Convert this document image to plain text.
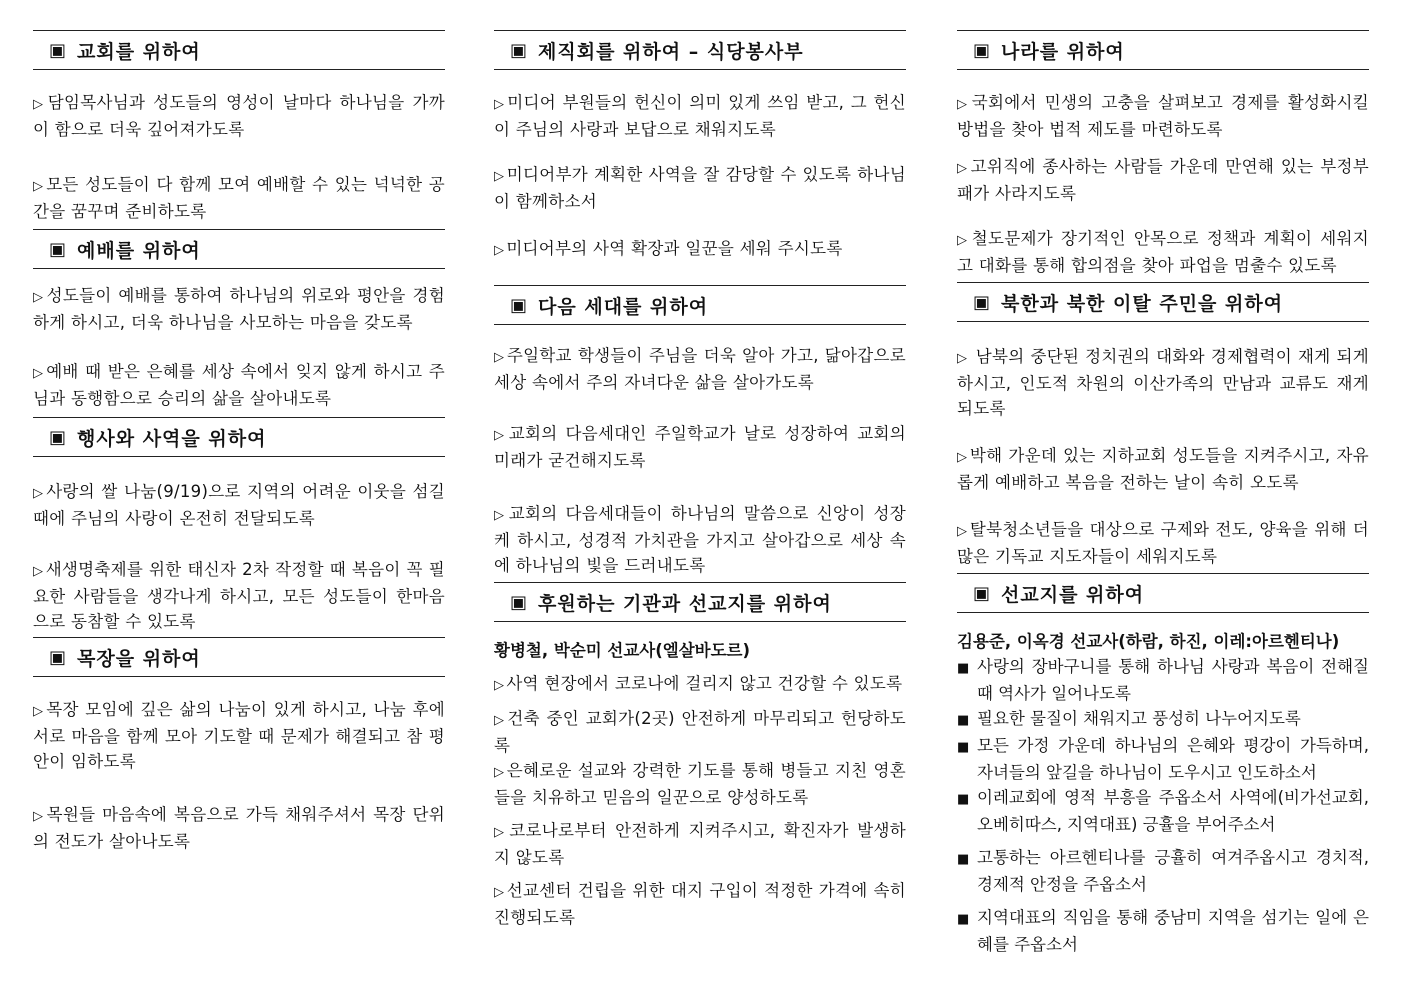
▣ 교회를 위하여

▷ 담임목사님과 성도들의 영성이 날마다 하나님을 가까이 함으로 더욱 깊어져가도록

▷ 모든 성도들이 다 함께 모여 예배할 수 있는 넉넉한 공간을 꿈꾸며 준비하도록

▣ 예배를 위하여

▷ 성도들이 예배를 통하여 하나님의 위로와 평안을 경험하게 하시고, 더욱 하나님을 사모하는 마음을 갖도록

▷ 예배 때 받은 은혜를 세상 속에서 잊지 않게 하시고 주님과 동행함으로 승리의 삶을 살아내도록

▣ 행사와 사역을 위하여

▷ 사랑의 쌀 나눔(9/19)으로 지역의 어려운 이웃을 섬길 때에 주님의 사랑이 온전히 전달되도록

▷ 새생명축제를 위한 태신자 2차 작정할 때 복음이 꼭 필요한 사람들을 생각나게 하시고, 모든 성도들이 한마음으로 동참할 수 있도록

▣ 목장을 위하여

▷ 목장 모임에 깊은 삶의 나눔이 있게 하시고, 나눔 후에 서로 마음을 함께 모아 기도할 때 문제가 해결되고 참 평안이 임하도록

▷ 목원들 마음속에 복음으로 가득 채워주셔서 목장 단위의 전도가 살아나도록

▣ 제직회를 위하여 – 식당봉사부

▷ 미디어 부원들의 헌신이 의미 있게 쓰임 받고, 그 헌신이 주님의 사랑과 보답으로 채워지도록

▷ 미디어부가 계획한 사역을 잘 감당할 수 있도록 하나님이 함께하소서

▷ 미디어부의 사역 확장과 일꾼을 세워 주시도록

▣ 다음 세대를 위하여

▷ 주일학교 학생들이 주님을 더욱 알아 가고, 닮아갑으로 세상 속에서 주의 자녀다운 삶을 살아가도록

▷ 교회의 다음세대인 주일학교가 날로 성장하여 교회의 미래가 굳건해지도록

▷ 교회의 다음세대들이 하나님의 말씀으로 신앙이 성장케 하시고, 성경적 가치관을 가지고 살아갑으로 세상 속에 하나님의 빛을 드러내도록

▣ 후원하는 기관과 선교지를 위하여

황병철, 박순미 선교사(엘살바도르)

▷ 사역 현장에서 코로나에 걸리지 않고 건강할 수 있도록

▷ 건축 중인 교회가(2곳) 안전하게 마무리되고 헌당하도록

▷ 은혜로운 설교와 강력한 기도를 통해 병들고 지친 영혼들을 치유하고 믿음의 일꾼으로 양성하도록

▷ 코로나로부터 안전하게 지켜주시고, 확진자가 발생하지 않도록

▷ 선교센터 건립을 위한 대지 구입이 적정한 가격에 속히 진행되도록

▣ 나라를 위하여

▷ 국회에서 민생의 고충을 살펴보고 경제를 활성화시킬 방법을 찾아 법적 제도를 마련하도록

▷ 고위직에 종사하는 사람들 가운데 만연해 있는 부정부패가 사라지도록

▷ 철도문제가 장기적인 안목으로 정책과 계획이 세워지고 대화를 통해 합의점을 찾아 파업을 멈출수 있도록

▣ 북한과 북한 이탈 주민을 위하여

▷ 남북의 중단된 정치권의 대화와 경제협력이 재게 되게 하시고, 인도적 차원의 이산가족의 만남과 교류도 재게 되도록

▷ 박해 가운데 있는 지하교회 성도들을 지켜주시고, 자유롭게 예배하고 복음을 전하는 날이 속히 오도록

▷ 탈북청소년들을 대상으로 구제와 전도, 양육을 위해 더 많은 기독교 지도자들이 세워지도록

▣ 선교지를 위하여

김용준, 이옥경 선교사(하람, 하진, 이레:아르헨티나)

■ 사랑의 장바구니를 통해 하나님 사랑과 복음이 전해질 때 역사가 일어나도록

■ 필요한 물질이 채워지고 풍성히 나누어지도록

■ 모든 가정 가운데 하나님의 은혜와 평강이 가득하며, 자녀들의 앞길을 하나님이 도우시고 인도하소서

■ 이레교회에 영적 부흥을 주옵소서 사역에(비가선교회, 오베히따스, 지역대표) 긍휼을 부어주소서

■ 고통하는 아르헨티나를 긍휼히 여겨주옵시고 경치적, 경제적 안정을 주옵소서

■ 지역대표의 직임을 통해 중남미 지역을 섬기는 일에 은혜를 주옵소서
